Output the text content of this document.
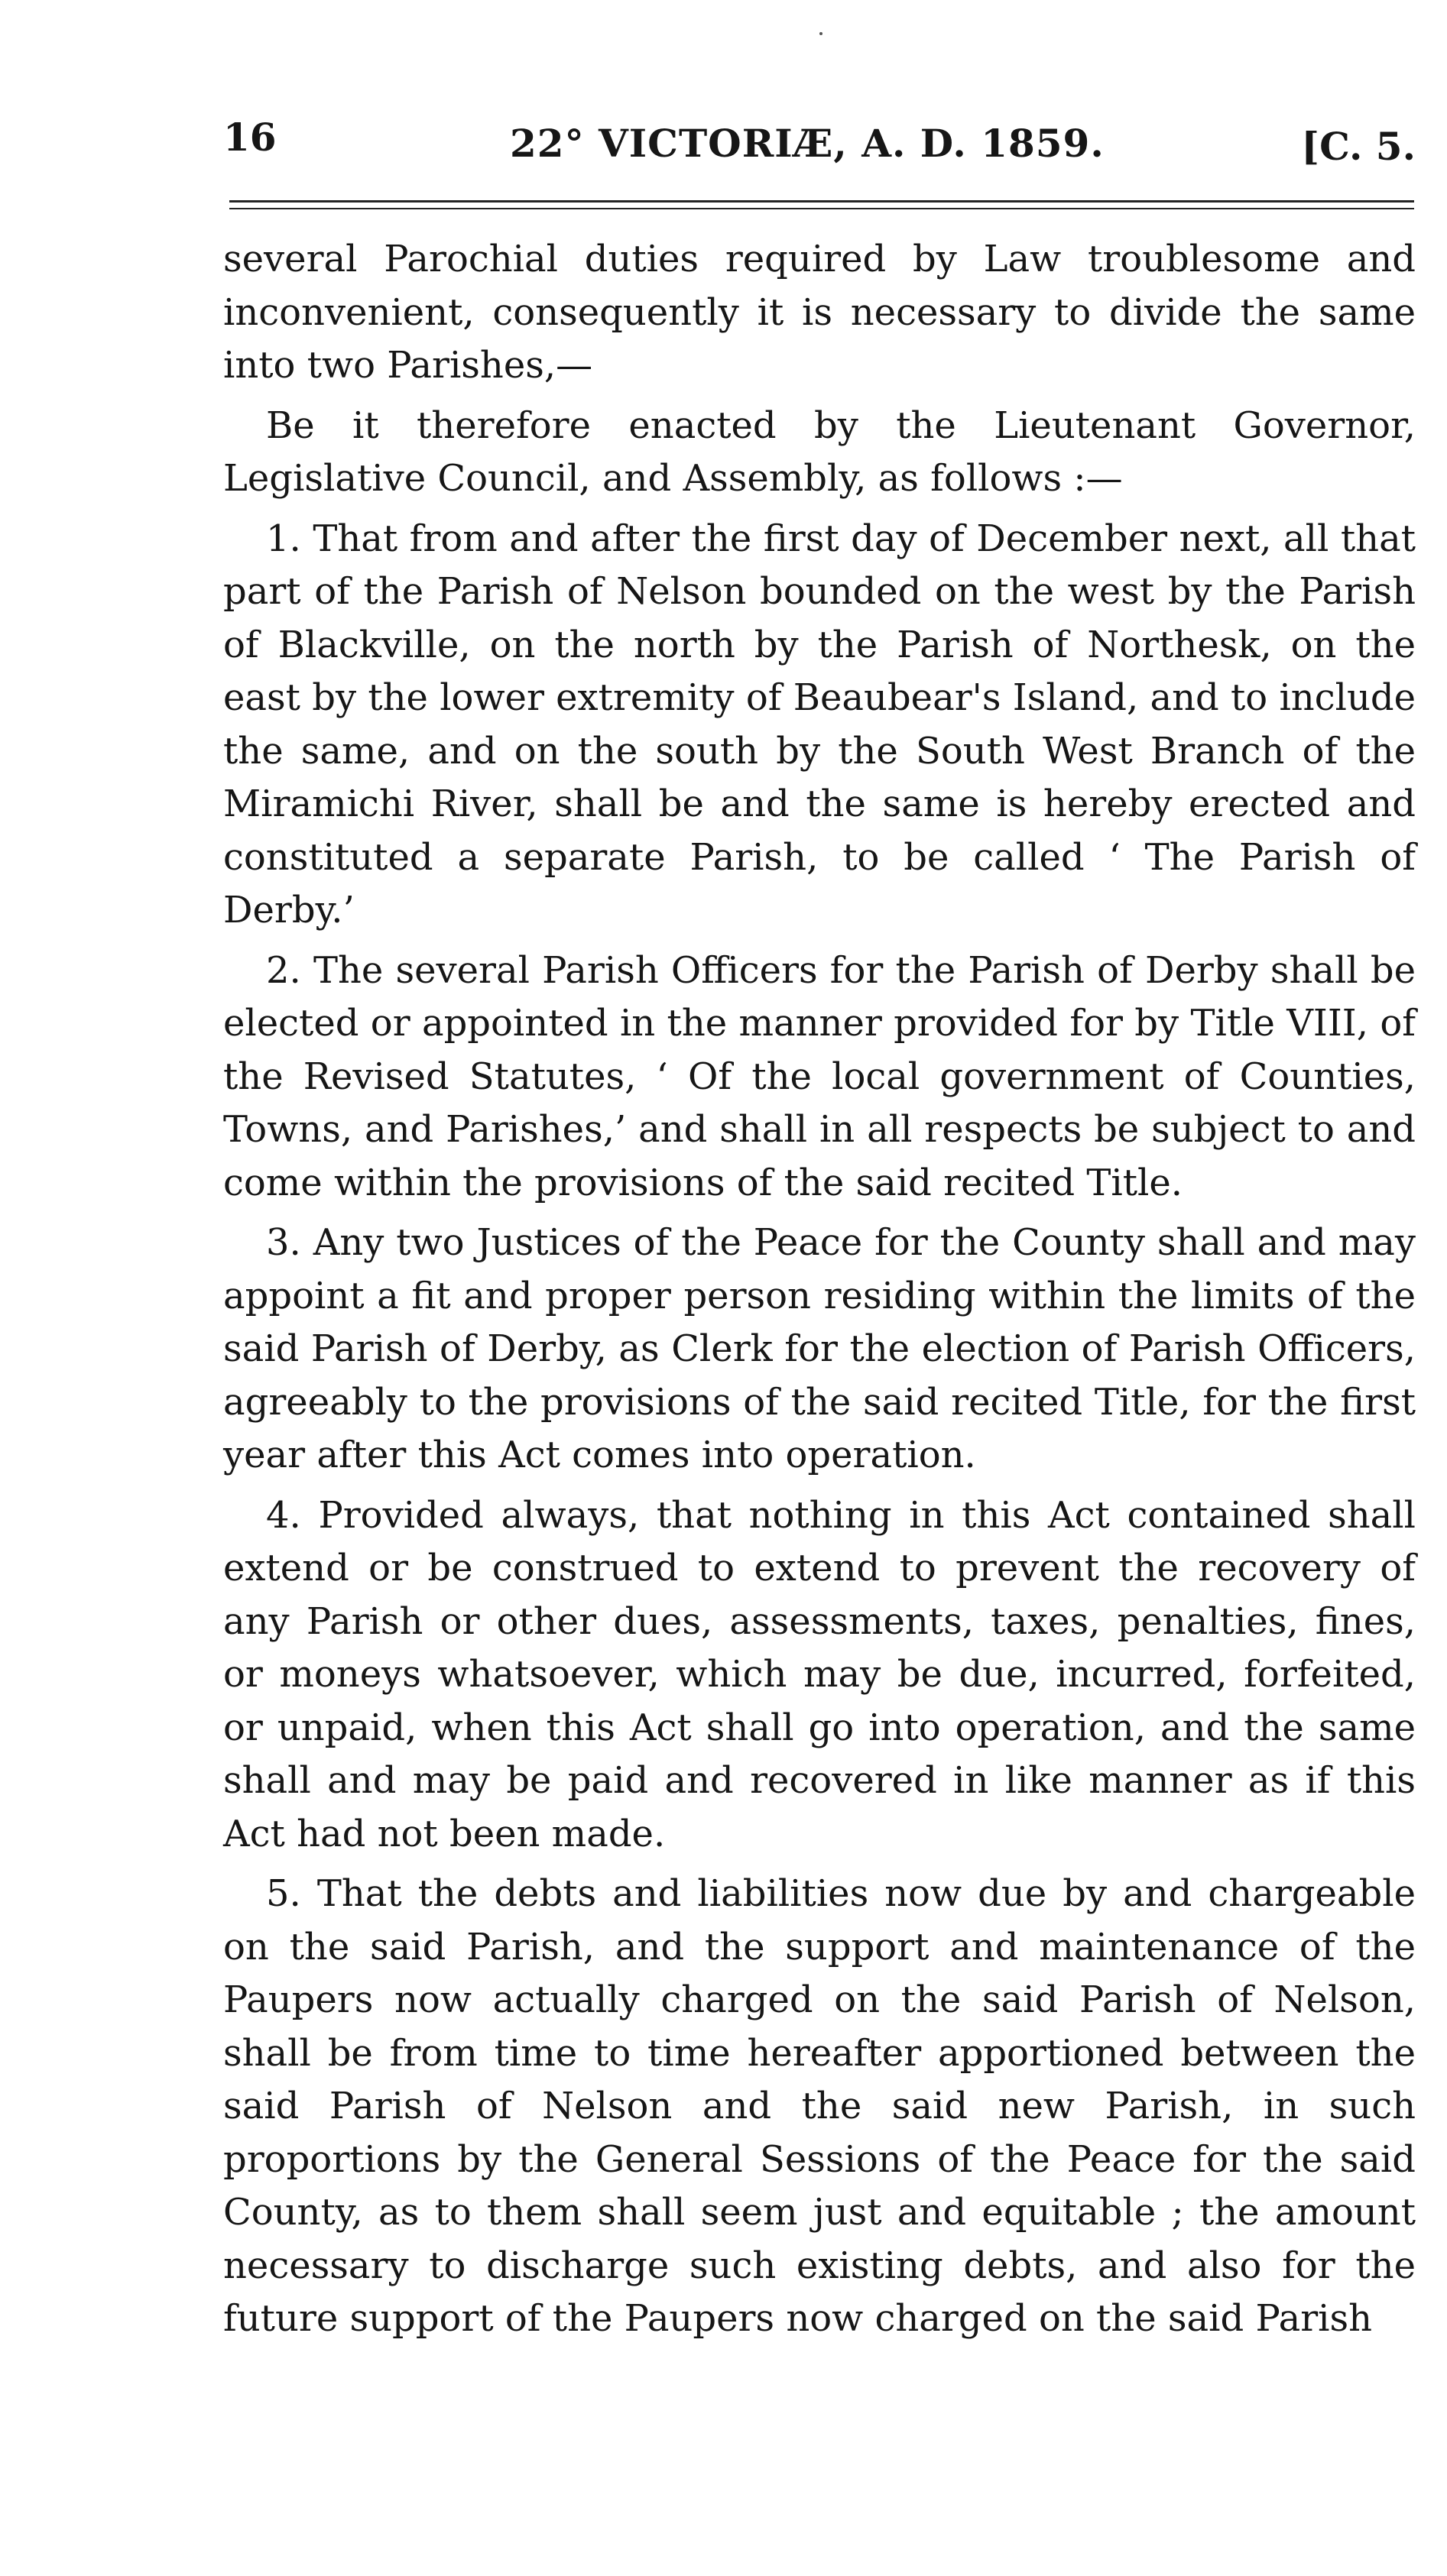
16	22° VICTORIÆ, A. D. 1859.	[C. 5.

several Parochial duties required by Law troublesome and inconvenient, consequently it is necessary to divide the same into two Parishes,—

Be it therefore enacted by the Lieutenant Governor, Legislative Council, and Assembly, as follows :—

1. That from and after the first day of December next, all that part of the Parish of Nelson bounded on the west by the Parish of Blackville, on the north by the Parish of Northesk, on the east by the lower extremity of Beaubear's Island, and to include the same, and on the south by the South West Branch of the Miramichi River, shall be and the same is hereby erected and constituted a separate Parish, to be called ‘ The Parish of Derby.’

2. The several Parish Officers for the Parish of Derby shall be elected or appointed in the manner provided for by Title VIII, of the Revised Statutes, ‘ Of the local government of Counties, Towns, and Parishes,’ and shall in all respects be subject to and come within the provisions of the said recited Title.

3. Any two Justices of the Peace for the County shall and may appoint a fit and proper person residing within the limits of the said Parish of Derby, as Clerk for the election of Parish Officers, agreeably to the provisions of the said recited Title, for the first year after this Act comes into operation.

4. Provided always, that nothing in this Act contained shall extend or be construed to extend to prevent the recovery of any Parish or other dues, assessments, taxes, penalties, fines, or moneys whatsoever, which may be due, incurred, forfeited, or unpaid, when this Act shall go into operation, and the same shall and may be paid and recovered in like manner as if this Act had not been made.

5. That the debts and liabilities now due by and chargeable on the said Parish, and the support and maintenance of the Paupers now actually charged on the said Parish of Nelson, shall be from time to time hereafter apportioned between the said Parish of Nelson and the said new Parish, in such proportions by the General Sessions of the Peace for the said County, as to them shall seem just and equitable ; the amount necessary to discharge such existing debts, and also for the future support of the Paupers now charged on the said Parish
